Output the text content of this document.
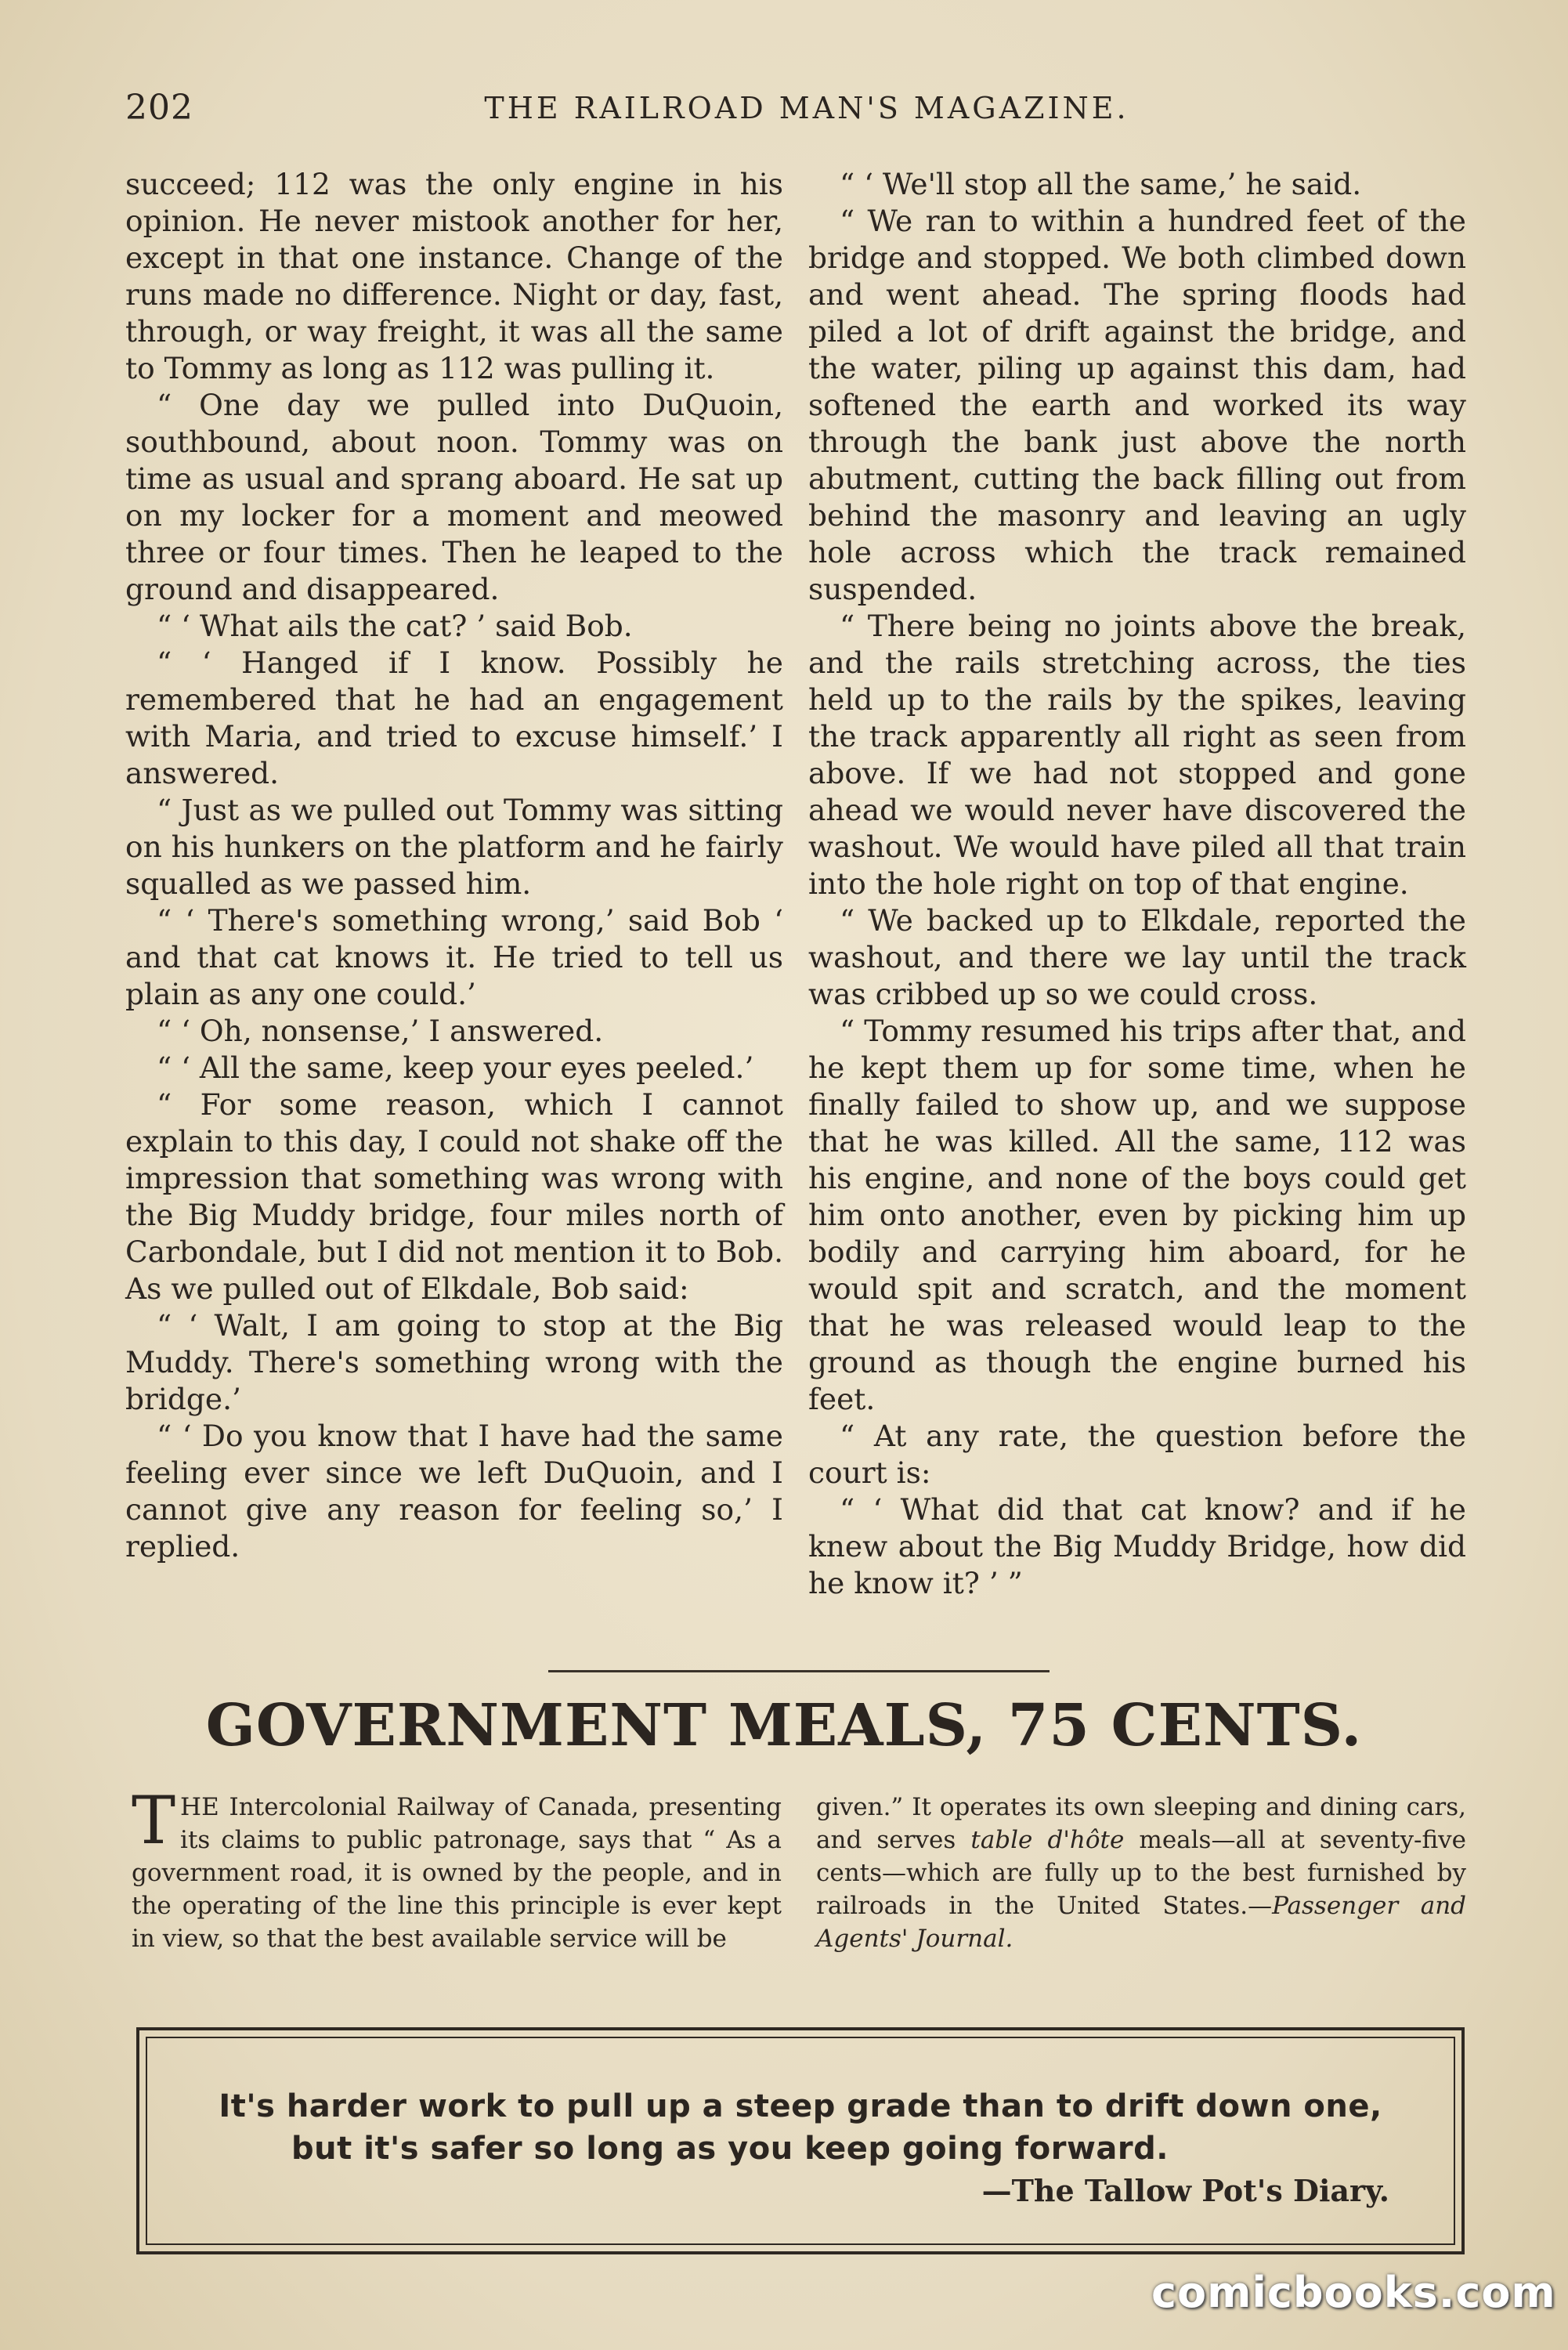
202	THE RAILROAD MAN'S MAGAZINE.

succeed; 112 was the only engine in his opinion. He never mistook another for her, except in that one instance. Change of the runs made no difference. Night or day, fast, through, or way freight, it was all the same to Tommy as long as 112 was pulling it.

“ One day we pulled into DuQuoin, southbound, about noon. Tommy was on time as usual and sprang aboard. He sat up on my locker for a moment and meowed three or four times. Then he leaped to the ground and disappeared.

“ ‘ What ails the cat? ’ said Bob.

“ ‘ Hanged if I know. Possibly he remembered that he had an engagement with Maria, and tried to excuse himself.’ I answered.

“ Just as we pulled out Tommy was sitting on his hunkers on the platform and he fairly squalled as we passed him.

“ ‘ There's something wrong,’ said Bob ‘ and that cat knows it. He tried to tell us plain as any one could.’

“ ‘ Oh, nonsense,’ I answered.

“ ‘ All the same, keep your eyes peeled.’

“ For some reason, which I cannot explain to this day, I could not shake off the impression that something was wrong with the Big Muddy bridge, four miles north of Carbondale, but I did not mention it to Bob. As we pulled out of Elkdale, Bob said:

“ ‘ Walt, I am going to stop at the Big Muddy. There's something wrong with the bridge.’

“ ‘ Do you know that I have had the same feeling ever since we left DuQuoin, and I cannot give any reason for feeling so,’ I replied.

“ ‘ We'll stop all the same,’ he said.

“ We ran to within a hundred feet of the bridge and stopped. We both climbed down and went ahead. The spring floods had piled a lot of drift against the bridge, and the water, piling up against this dam, had softened the earth and worked its way through the bank just above the north abutment, cutting the back filling out from behind the masonry and leaving an ugly hole across which the track remained suspended.

“ There being no joints above the break, and the rails stretching across, the ties held up to the rails by the spikes, leaving the track apparently all right as seen from above. If we had not stopped and gone ahead we would never have discovered the washout. We would have piled all that train into the hole right on top of that engine.

“ We backed up to Elkdale, reported the washout, and there we lay until the track was cribbed up so we could cross.

“ Tommy resumed his trips after that, and he kept them up for some time, when he finally failed to show up, and we suppose that he was killed. All the same, 112 was his engine, and none of the boys could get him onto another, even by picking him up bodily and carrying him aboard, for he would spit and scratch, and the moment that he was released would leap to the ground as though the engine burned his feet.

“ At any rate, the question before the court is:

“ ‘ What did that cat know? and if he knew about the Big Muddy Bridge, how did he know it? ’ ”

GOVERNMENT MEALS, 75 CENTS.

THE Intercolonial Railway of Canada, presenting its claims to public patronage, says that “ As a government road, it is owned by the people, and in the operating of the line this principle is ever kept in view, so that the best available service will be

given.” It operates its own sleeping and dining cars, and serves table d'hôte meals—all at seventy-five cents—which are fully up to the best furnished by railroads in the United States.—Passenger and Agents' Journal.

It's harder work to pull up a steep grade than to drift down one,

but it's safer so long as you keep going forward.

—The Tallow Pot's Diary.

comicbooks.com
